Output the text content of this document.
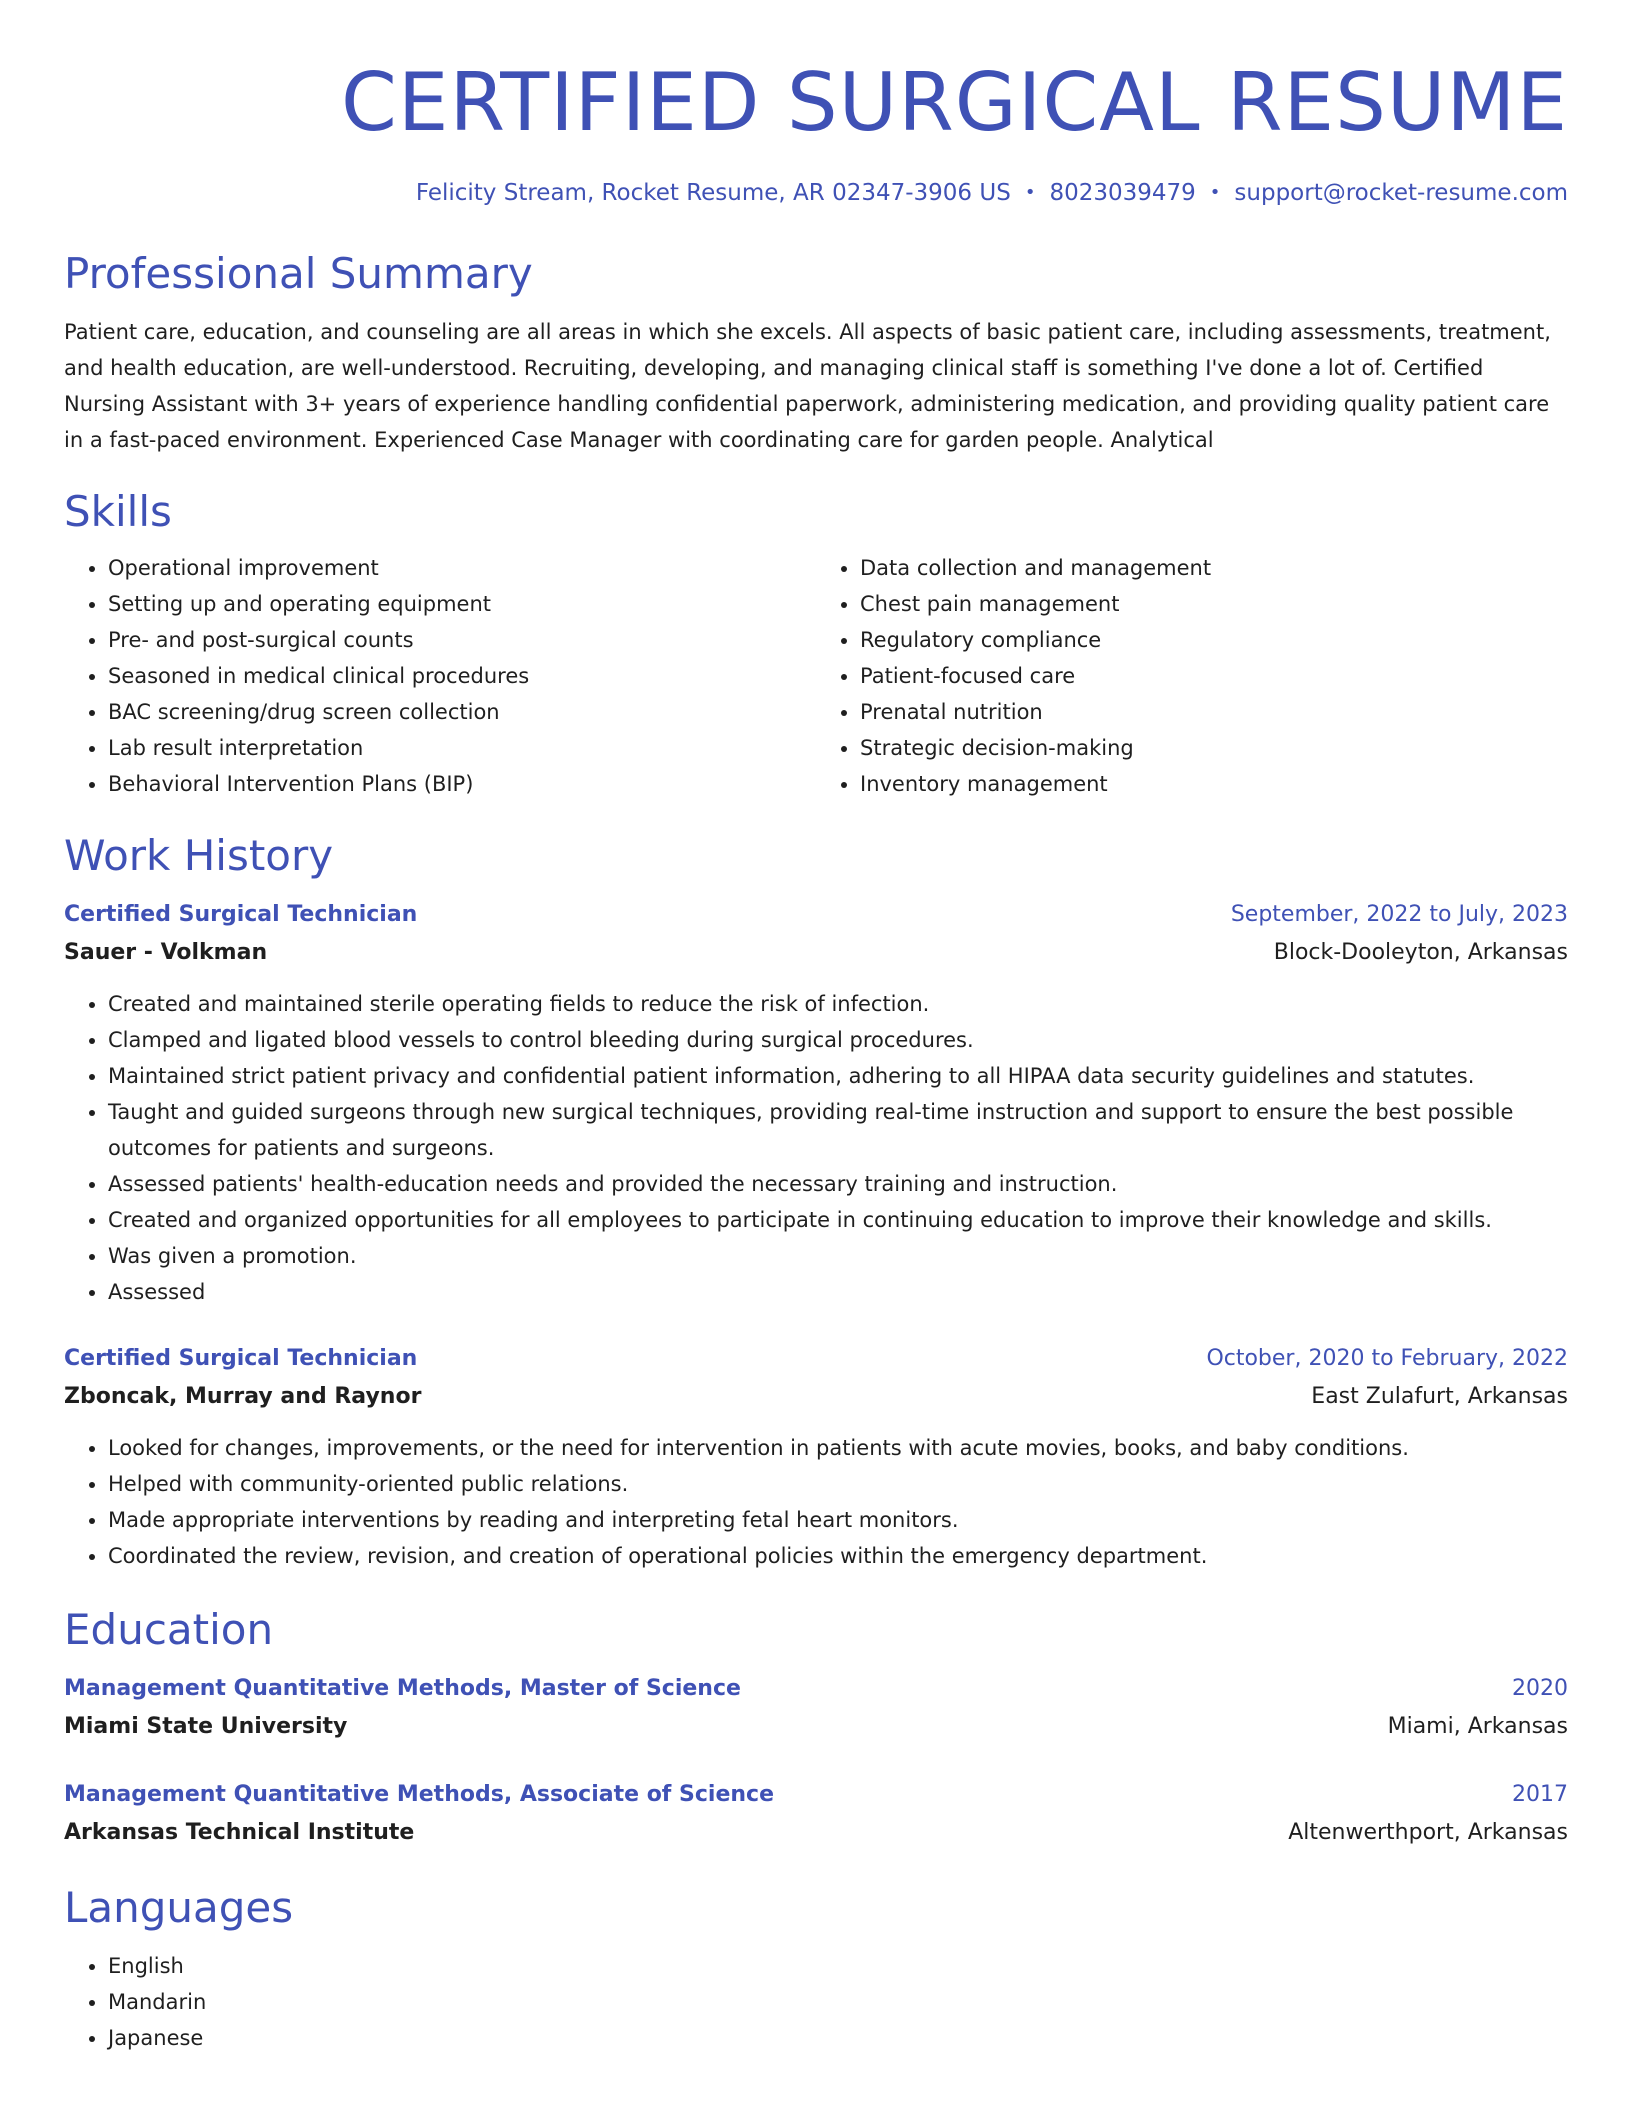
CERTIFIED SURGICAL RESUME
Felicity Stream, Rocket Resume, AR 02347-3906 US • 8023039479 • support@rocket-resume.com
Professional Summary

Patient care, education, and counseling are all areas in which she excels. All aspects of basic patient care, including assessments, treatment, and health education, are well-understood. Recruiting, developing, and managing clinical staff is something I've done a lot of. Certified Nursing Assistant with 3+ years of experience handling confidential paperwork, administering medication, and providing quality patient care in a fast-paced environment. Experienced Case Manager with coordinating care for garden people. Analytical

Skills
• Operational improvement
• Setting up and operating equipment
• Pre- and post-surgical counts
• Seasoned in medical clinical procedures
• BAC screening/drug screen collection
• Lab result interpretation
• Behavioral Intervention Plans (BIP)
• Data collection and management
• Chest pain management
• Regulatory compliance
• Patient-focused care
• Prenatal nutrition
• Strategic decision-making
• Inventory management
Work History
Certified Surgical Technician	September, 2022 to July, 2023
Sauer - Volkman	Block-Dooleyton, Arkansas
• Created and maintained sterile operating fields to reduce the risk of infection.
• Clamped and ligated blood vessels to control bleeding during surgical procedures.
• Maintained strict patient privacy and confidential patient information, adhering to all HIPAA data security guidelines and statutes.
• Taught and guided surgeons through new surgical techniques, providing real-time instruction and support to ensure the best possible outcomes for patients and surgeons.
• Assessed patients' health-education needs and provided the necessary training and instruction.
• Created and organized opportunities for all employees to participate in continuing education to improve their knowledge and skills.
• Was given a promotion.
• Assessed
Certified Surgical Technician	October, 2020 to February, 2022
Zboncak, Murray and Raynor	East Zulafurt, Arkansas
• Looked for changes, improvements, or the need for intervention in patients with acute movies, books, and baby conditions.
• Helped with community-oriented public relations.
• Made appropriate interventions by reading and interpreting fetal heart monitors.
• Coordinated the review, revision, and creation of operational policies within the emergency department.
Education
Management Quantitative Methods, Master of Science	2020
Miami State University	Miami, Arkansas
Management Quantitative Methods, Associate of Science	2017
Arkansas Technical Institute	Altenwerthport, Arkansas
Languages
• English
• Mandarin
• Japanese
